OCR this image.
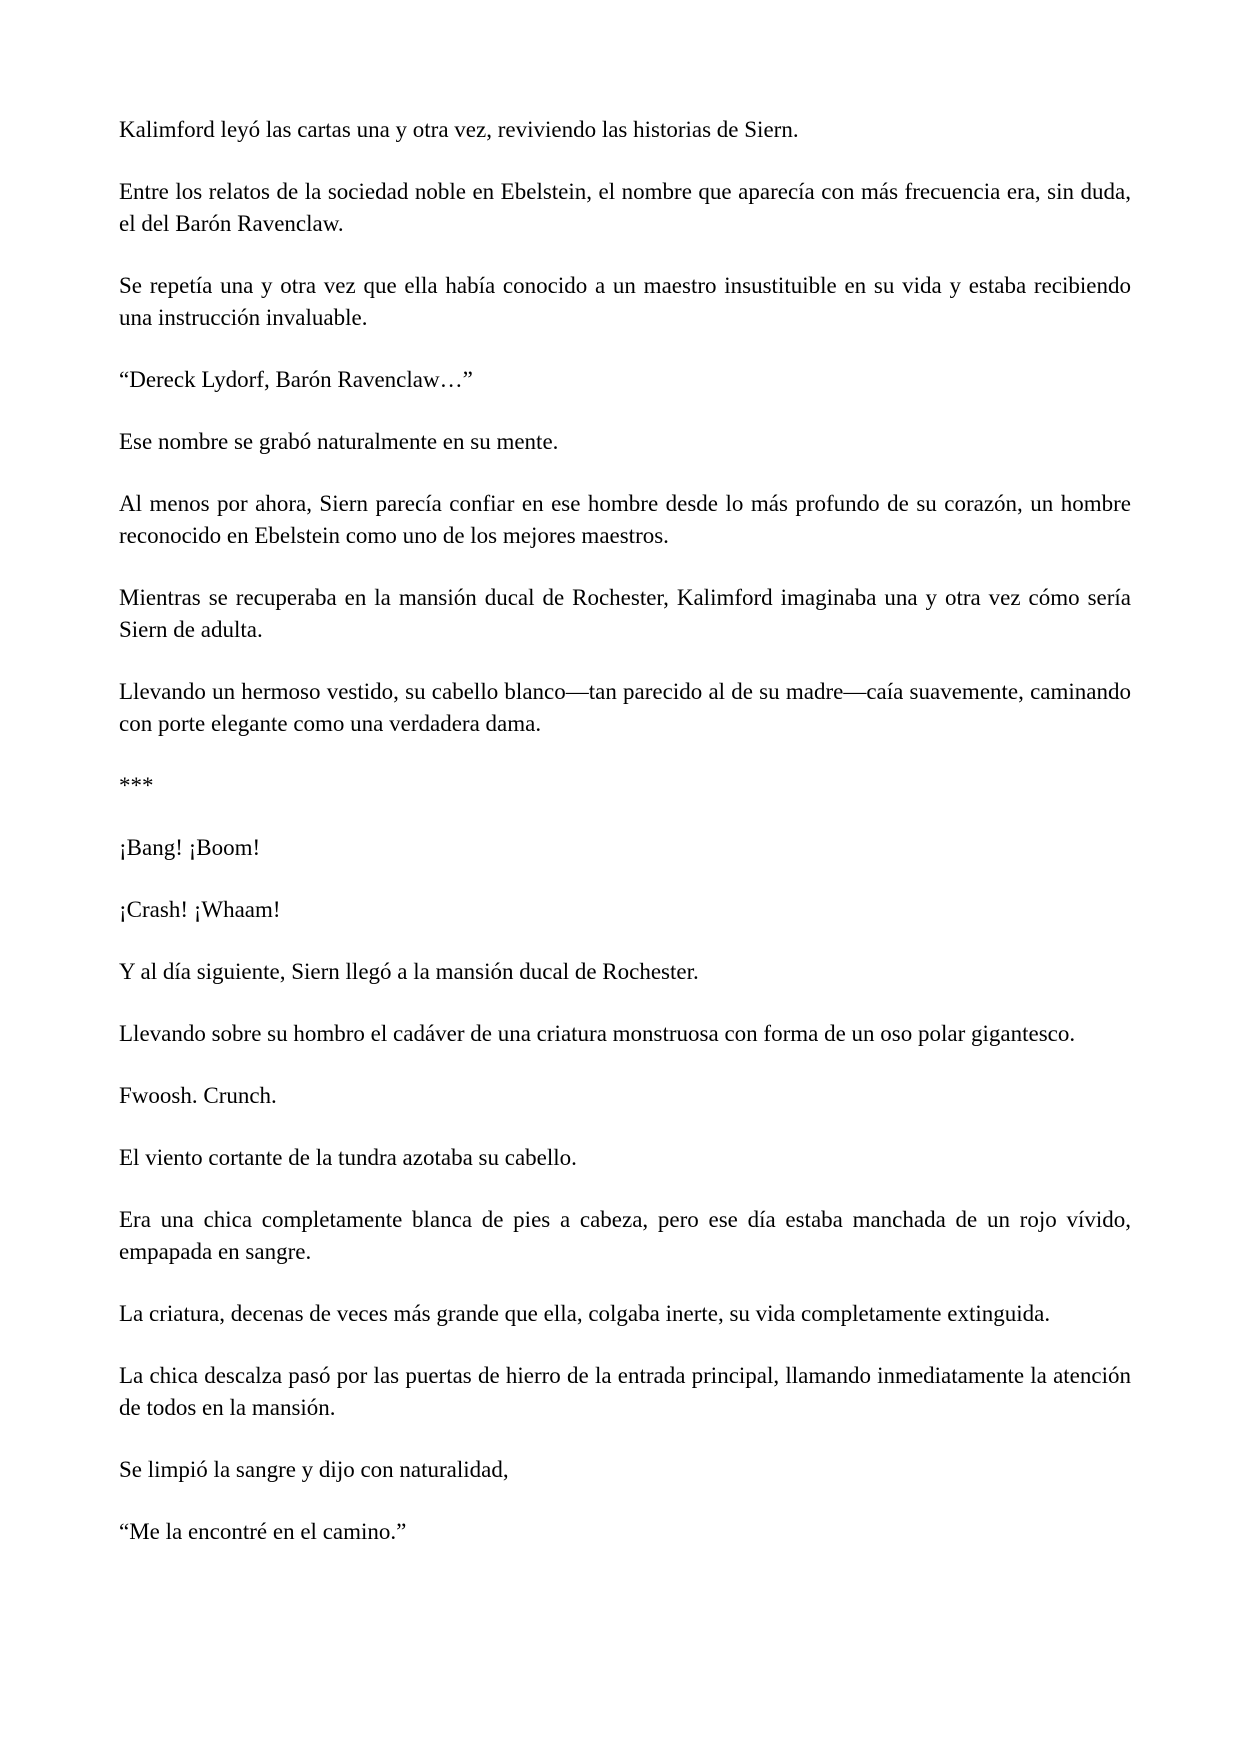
Kalimford leyó las cartas una y otra vez, reviviendo las historias de Siern.

Entre los relatos de la sociedad noble en Ebelstein, el nombre que aparecía con más frecuencia era, sin duda, el del Barón Ravenclaw.

Se repetía una y otra vez que ella había conocido a un maestro insustituible en su vida y estaba recibiendo una instrucción invaluable.

“Dereck Lydorf, Barón Ravenclaw…”

Ese nombre se grabó naturalmente en su mente.

Al menos por ahora, Siern parecía confiar en ese hombre desde lo más profundo de su corazón, un hombre reconocido en Ebelstein como uno de los mejores maestros.

Mientras se recuperaba en la mansión ducal de Rochester, Kalimford imaginaba una y otra vez cómo sería Siern de adulta.

Llevando un hermoso vestido, su cabello blanco—tan parecido al de su madre—caía suavemente, caminando con porte elegante como una verdadera dama.

***

¡Bang! ¡Boom!

¡Crash! ¡Whaam!

Y al día siguiente, Siern llegó a la mansión ducal de Rochester.

Llevando sobre su hombro el cadáver de una criatura monstruosa con forma de un oso polar gigantesco.

Fwoosh. Crunch.

El viento cortante de la tundra azotaba su cabello.

Era una chica completamente blanca de pies a cabeza, pero ese día estaba manchada de un rojo vívido, empapada en sangre.

La criatura, decenas de veces más grande que ella, colgaba inerte, su vida completamente extinguida.

La chica descalza pasó por las puertas de hierro de la entrada principal, llamando inmediatamente la atención de todos en la mansión.

Se limpió la sangre y dijo con naturalidad,

“Me la encontré en el camino.”
